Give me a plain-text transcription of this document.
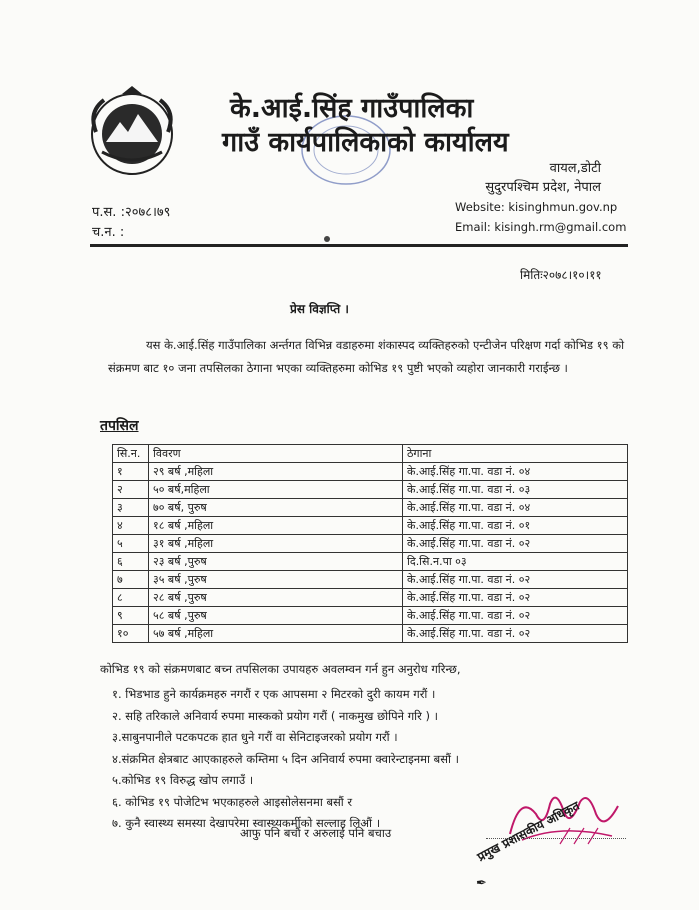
के.आई.सिंह गाउँपालिका
गाउँ कार्यपालिकाको कार्यालय
वायल,डोटी
सुदुरपश्चिम प्रदेश, नेपाल
प.स. :२०७८।७९
च.न. :
Website: kisinghmun.gov.np
Email: kisingh.rm@gmail.com
मितिः२०७८।१०।११
प्रेस विज्ञप्ति ।
यस के.आई.सिंह गाउँपालिका अर्न्तगत विभिन्न वडाहरुमा शंकास्पद व्यक्तिहरुको एन्टीजेन परिक्षण गर्दा कोभिड १९ को संक्रमण बाट १० जना तपसिलका ठेगाना भएका व्यक्तिहरुमा कोभिड १९ पुष्टी भएको व्यहोरा जानकारी गराईन्छ ।
तपसिल
सि.न.	विवरण	ठेगाना
१	२९ बर्ष ,महिला	के.आई.सिंह गा.पा. वडा नं. ०४
२	५० बर्ष,महिला	के.आई.सिंह गा.पा. वडा नं. ०३
३	७० बर्ष, पुरुष	के.आई.सिंह गा.पा. वडा नं. ०४
४	१८ बर्ष ,महिला	के.आई.सिंह गा.पा. वडा नं. ०१
५	३१ बर्ष ,महिला	के.आई.सिंह गा.पा. वडा नं. ०२
६	२३ बर्ष ,पुरुष	दि.सि.न.पा ०३
७	३५ बर्ष ,पुरुष	के.आई.सिंह गा.पा. वडा नं. ०२
८	२८ बर्ष ,पुरुष	के.आई.सिंह गा.पा. वडा नं. ०२
९	५८ बर्ष ,पुरुष	के.आई.सिंह गा.पा. वडा नं. ०२
१०	५७ बर्ष ,महिला	के.आई.सिंह गा.पा. वडा नं. ०२
कोभिड १९ को संक्रमणबाट बच्न तपसिलका उपायहरु अवलम्वन गर्न हुन अनुरोध गरिन्छ,
१. भिडभाड हुने कार्यक्रमहरु नगरौं र एक आपसमा २ मिटरको दुरी कायम गरौं ।
२. सहि तरिकाले अनिवार्य रुपमा मास्कको प्रयोग गरौं ( नाकमुख छोपिने गरि ) ।
३.साबुनपानीले पटकपटक हात धुने गरौं वा सेनिटाइजरको प्रयोग गरौं ।
४.संक्रमित क्षेत्रबाट आएकाहरुले कम्तिमा ५ दिन अनिवार्य रुपमा क्वारेन्टाइनमा बसौं ।
५.कोभिड १९ विरुद्ध खोप लगाउँ ।
६. कोभिड १९ पोजेटिभ भएकाहरुले आइसोलेसनमा बसौं र
७. कुनै स्वास्थ्य समस्या देखापरेमा स्वास्थ्यकर्मीको सल्लाह लिऔं ।
आफु पनि बचौं र अरुलाई पनि बचाउ
✒
प्रमुख प्रशासकीय अधिकृत
